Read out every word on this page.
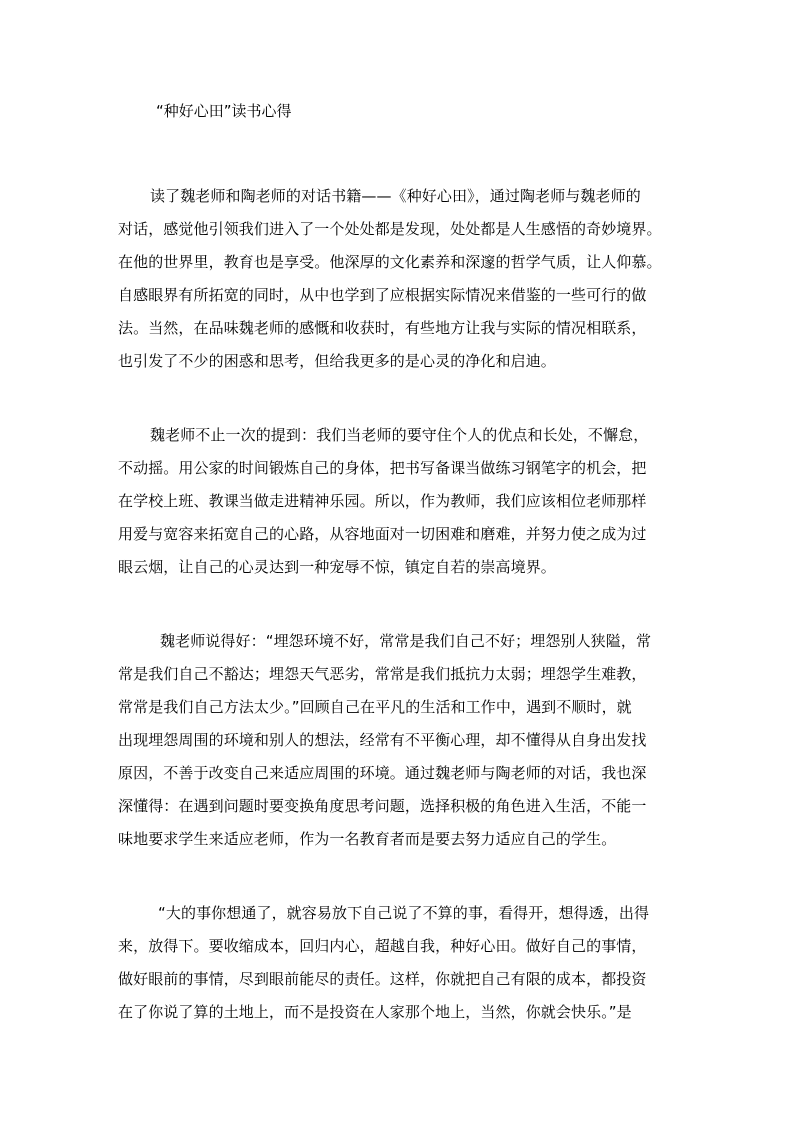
“种好心田”读书心得
读了魏老师和陶老师的对话书籍——《种好心田》，通过陶老师与魏老师的
对话，感觉他引领我们进入了一个处处都是发现，处处都是人生感悟的奇妙境界。
在他的世界里，教育也是享受。他深厚的文化素养和深邃的哲学气质，让人仰慕。
自感眼界有所拓宽的同时，从中也学到了应根据实际情况来借鉴的一些可行的做
法。当然，在品味魏老师的感慨和收获时，有些地方让我与实际的情况相联系，
也引发了不少的困惑和思考，但给我更多的是心灵的净化和启迪。
魏老师不止一次的提到：我们当老师的要守住个人的优点和长处，不懈怠，
不动摇。用公家的时间锻炼自己的身体，把书写备课当做练习钢笔字的机会，把
在学校上班、教课当做走进精神乐园。所以，作为教师，我们应该相位老师那样
用爱与宽容来拓宽自己的心路，从容地面对一切困难和磨难，并努力使之成为过
眼云烟，让自己的心灵达到一种宠辱不惊，镇定自若的崇高境界。
魏老师说得好：“埋怨环境不好，常常是我们自己不好；埋怨别人狭隘，常
常是我们自己不豁达；埋怨天气恶劣，常常是我们抵抗力太弱；埋怨学生难教，
常常是我们自己方法太少。”回顾自己在平凡的生活和工作中，遇到不顺时，就
出现埋怨周围的环境和别人的想法，经常有不平衡心理，却不懂得从自身出发找
原因，不善于改变自己来适应周围的环境。通过魏老师与陶老师的对话，我也深
深懂得：在遇到问题时要变换角度思考问题，选择积极的角色进入生活，不能一
味地要求学生来适应老师，作为一名教育者而是要去努力适应自己的学生。
“大的事你想通了，就容易放下自己说了不算的事，看得开，想得透，出得
来，放得下。要收缩成本，回归内心，超越自我，种好心田。做好自己的事情，
做好眼前的事情，尽到眼前能尽的责任。这样，你就把自己有限的成本，都投资
在了你说了算的土地上，而不是投资在人家那个地上，当然，你就会快乐。”是
